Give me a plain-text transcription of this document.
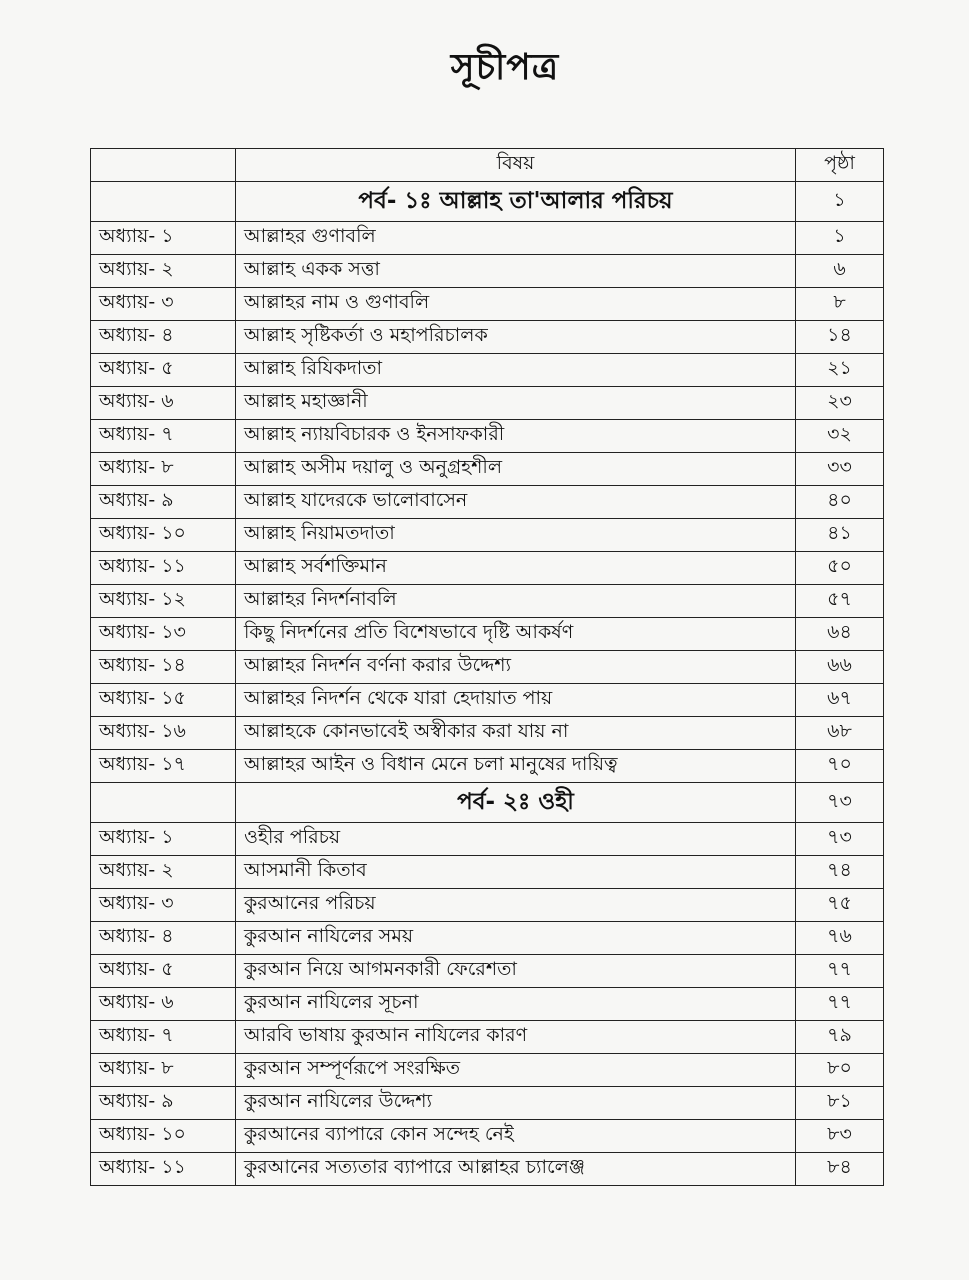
সূচীপত্র
	বিষয়	পৃষ্ঠা
	পর্ব- ১ঃ আল্লাহ তা'আলার পরিচয়	১
অধ্যায়- ১	আল্লাহর গুণাবলি	১
অধ্যায়- ২	আল্লাহ একক সত্তা	৬
অধ্যায়- ৩	আল্লাহর নাম ও গুণাবলি	৮
অধ্যায়- ৪	আল্লাহ সৃষ্টিকর্তা ও মহাপরিচালক	১৪
অধ্যায়- ৫	আল্লাহ রিযিকদাতা	২১
অধ্যায়- ৬	আল্লাহ মহাজ্ঞানী	২৩
অধ্যায়- ৭	আল্লাহ ন্যায়বিচারক ও ইনসাফকারী	৩২
অধ্যায়- ৮	আল্লাহ অসীম দয়ালু ও অনুগ্রহশীল	৩৩
অধ্যায়- ৯	আল্লাহ যাদেরকে ভালোবাসেন	৪০
অধ্যায়- ১০	আল্লাহ নিয়ামতদাতা	৪১
অধ্যায়- ১১	আল্লাহ সর্বশক্তিমান	৫০
অধ্যায়- ১২	আল্লাহর নিদর্শনাবলি	৫৭
অধ্যায়- ১৩	কিছু নিদর্শনের প্রতি বিশেষভাবে দৃষ্টি আকর্ষণ	৬৪
অধ্যায়- ১৪	আল্লাহর নিদর্শন বর্ণনা করার উদ্দেশ্য	৬৬
অধ্যায়- ১৫	আল্লাহর নিদর্শন থেকে যারা হেদায়াত পায়	৬৭
অধ্যায়- ১৬	আল্লাহকে কোনভাবেই অস্বীকার করা যায় না	৬৮
অধ্যায়- ১৭	আল্লাহর আইন ও বিধান মেনে চলা মানুষের দায়িত্ব	৭০
	পর্ব- ২ঃ ওহী	৭৩
অধ্যায়- ১	ওহীর পরিচয়	৭৩
অধ্যায়- ২	আসমানী কিতাব	৭৪
অধ্যায়- ৩	কুরআনের পরিচয়	৭৫
অধ্যায়- ৪	কুরআন নাযিলের সময়	৭৬
অধ্যায়- ৫	কুরআন নিয়ে আগমনকারী ফেরেশতা	৭৭
অধ্যায়- ৬	কুরআন নাযিলের সূচনা	৭৭
অধ্যায়- ৭	আরবি ভাষায় কুরআন নাযিলের কারণ	৭৯
অধ্যায়- ৮	কুরআন সম্পূর্ণরূপে সংরক্ষিত	৮০
অধ্যায়- ৯	কুরআন নাযিলের উদ্দেশ্য	৮১
অধ্যায়- ১০	কুরআনের ব্যাপারে কোন সন্দেহ নেই	৮৩
অধ্যায়- ১১	কুরআনের সত্যতার ব্যাপারে আল্লাহর চ্যালেঞ্জ	৮৪
